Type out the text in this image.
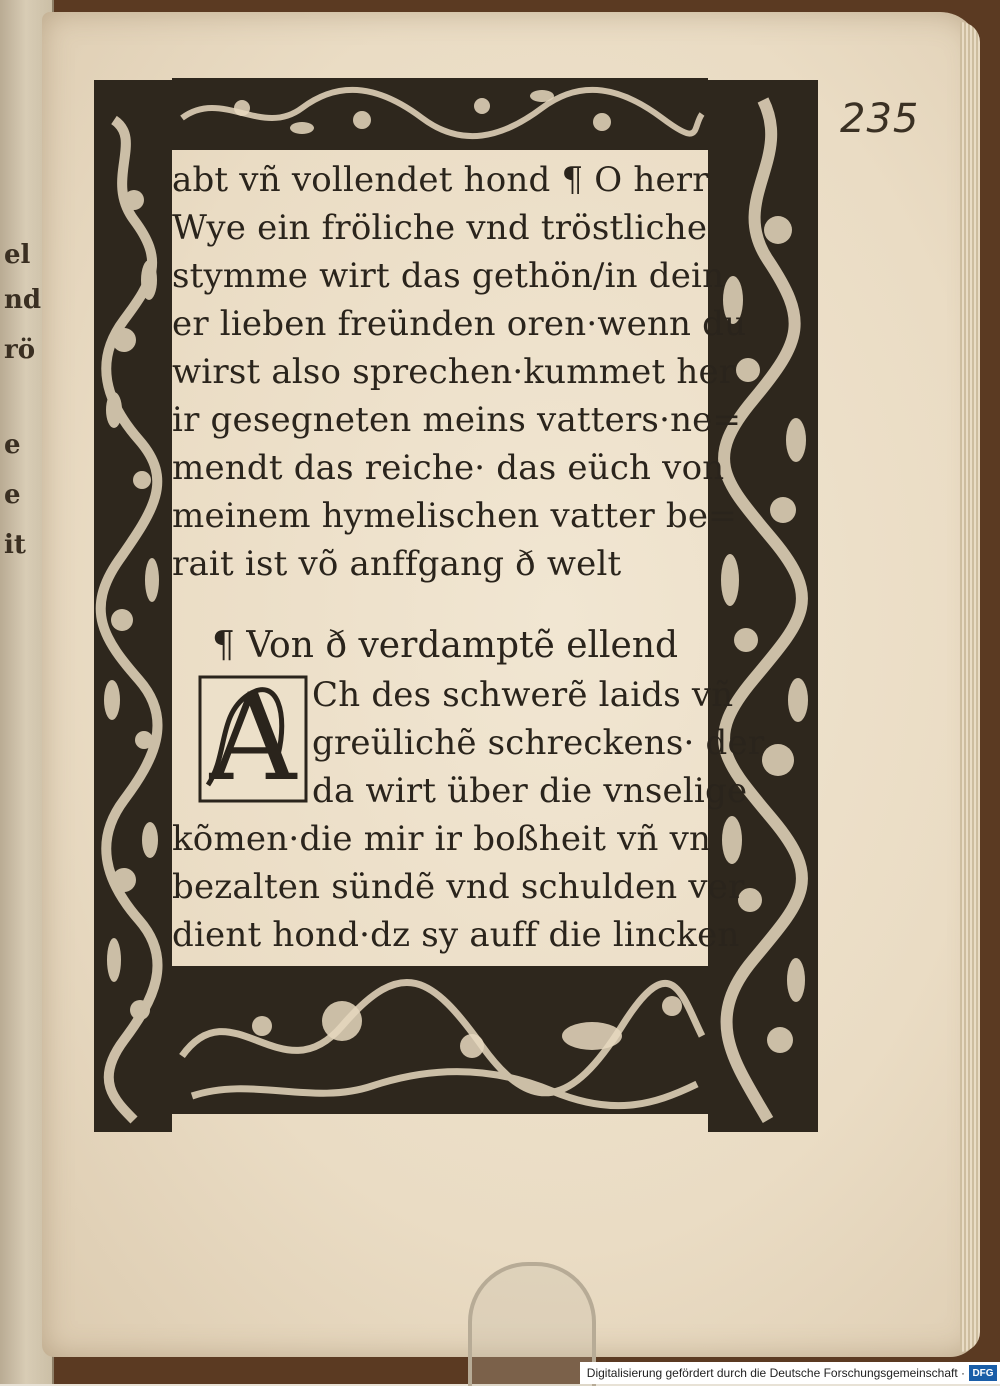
el
nd
rö
e
e
it
235
abt vñ vollendet hond ¶ O herr
Wye ein fröliche vnd tröstliche
stymme wirt das gethön/in dein
er lieben freünden oren·wenn du
wirst also sprechen·kummet her
ir gesegneten meins vatters·ne=
mendt das reiche· das eüch von
meinem hymelischen vatter be=
rait ist võ anffgang ð welt
¶ Von ð verdamptẽ ellend
A Ch des schwerẽ laids vñ
greülichẽ schreckens· der
da wirt über die vnselige
kõmen·die mir ir boßheit vñ vn
bezalten sündẽ vnd schulden ver
dient hond·dz sy auff die lincken
Digitalisierung gefördert durch die Deutsche Forschungsgemeinschaft · DFG
